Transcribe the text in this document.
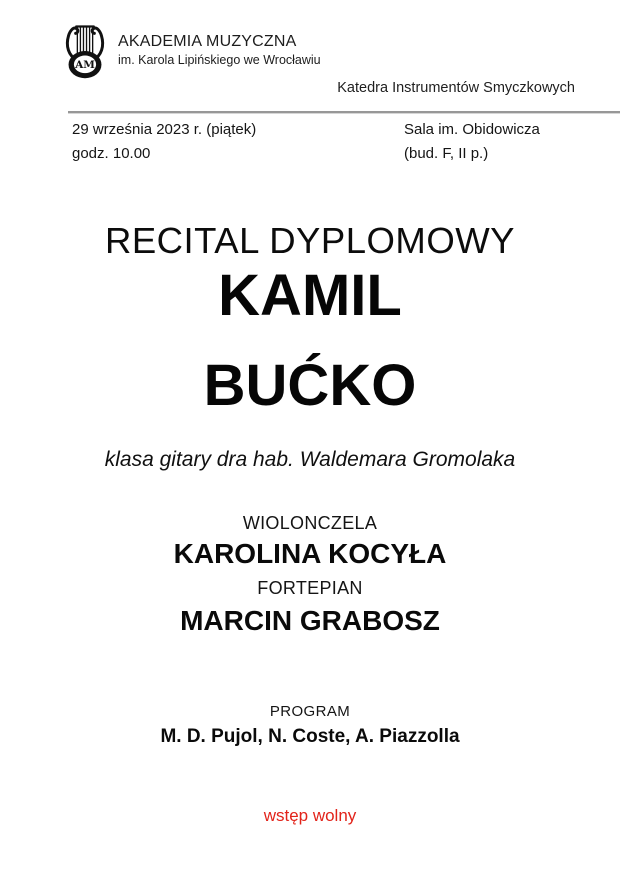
AM
AKADEMIA MUZYCZNA
im. Karola Lipińskiego we Wrocławiu
Katedra Instrumentów Smyczkowych
29 września 2023 r. (piątek)
godz. 10.00
Sala im. Obidowicza
(bud. F, II p.)
RECITAL DYPLOMOWY
KAMIL
BUĆKO
klasa gitary dra hab. Waldemara Gromolaka
WIOLONCZELA
KAROLINA KOCYŁA
FORTEPIAN
MARCIN GRABOSZ
PROGRAM
M. D. Pujol, N. Coste, A. Piazzolla
wstęp wolny
